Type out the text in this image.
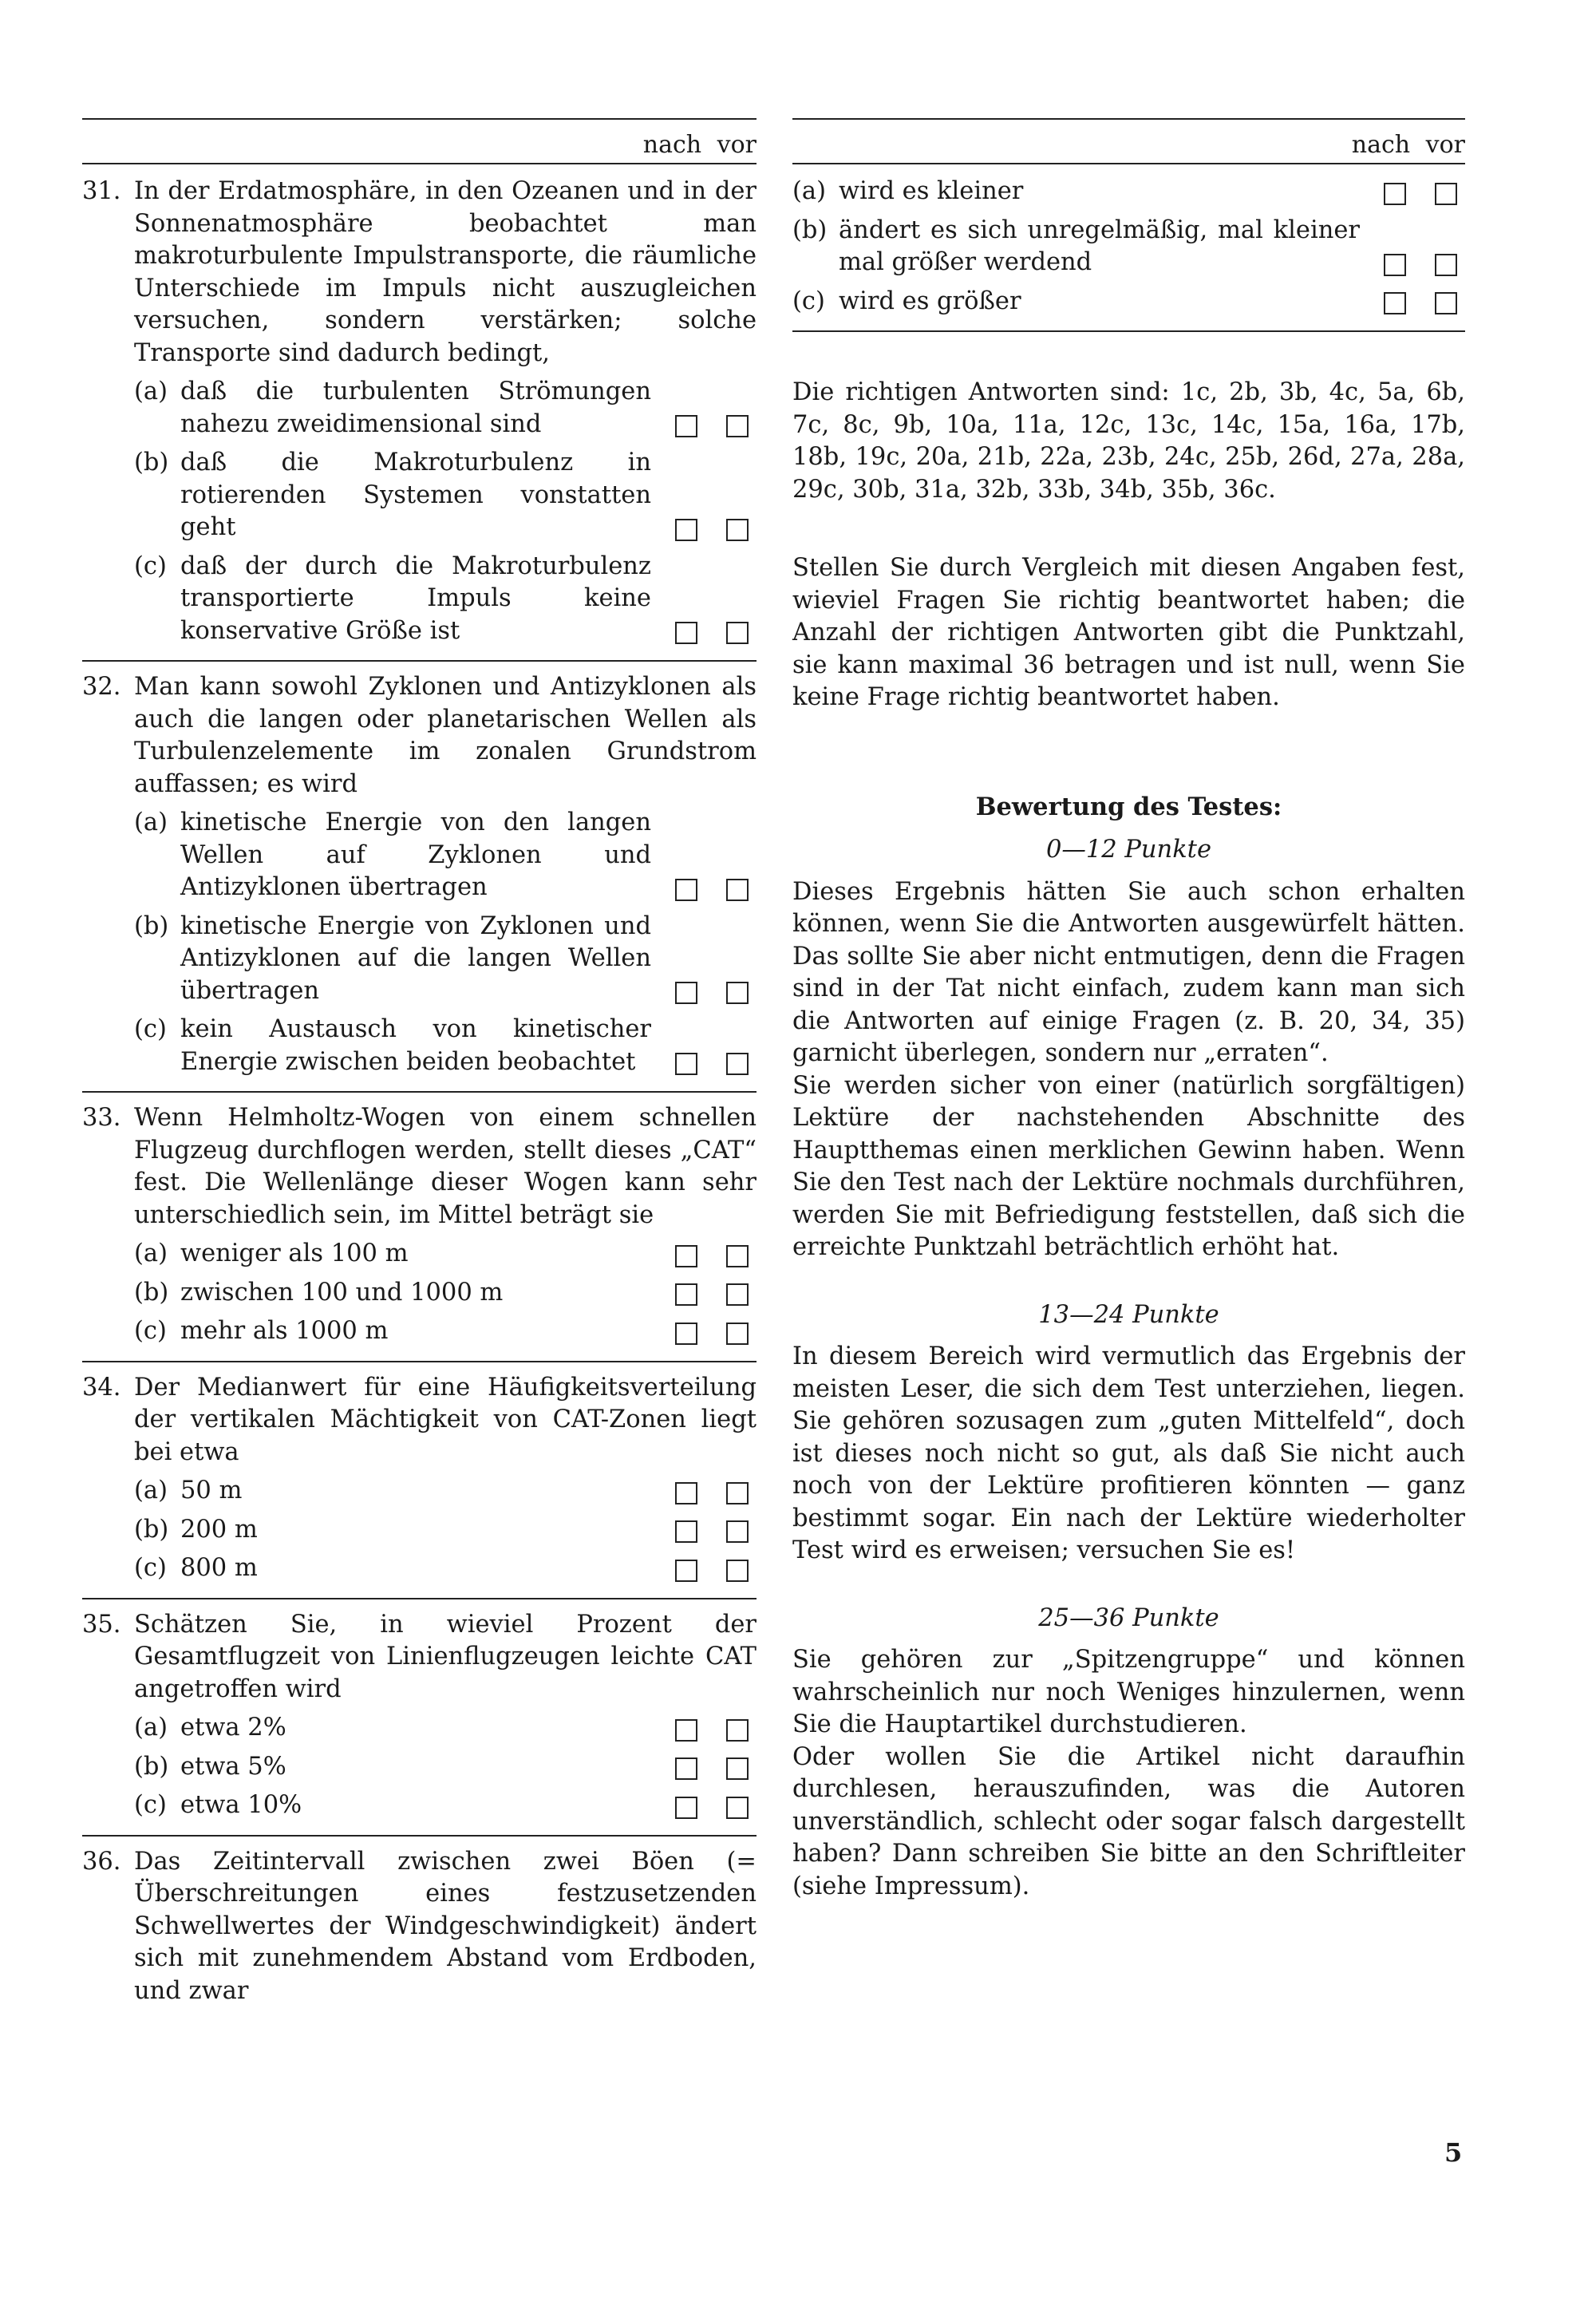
nach vor
31. In der Erdatmosphäre, in den Ozeanen und in der Sonnenatmosphäre beobachtet man makroturbulente Impulstransporte, die räumliche Unterschiede im Impuls nicht auszugleichen versuchen, sondern verstärken; solche Transporte sind dadurch bedingt,
(a) daß die turbulenten Strömungen nahezu zweidimensional sind
(b) daß die Makroturbulenz in rotierenden Systemen vonstatten geht
(c) daß der durch die Makroturbulenz transportierte Impuls keine konservative Größe ist
32. Man kann sowohl Zyklonen und Antizyklonen als auch die langen oder planetarischen Wellen als Turbulenzelemente im zonalen Grundstrom auffassen; es wird
(a) kinetische Energie von den langen Wellen auf Zyklonen und Antizyklonen übertragen
(b) kinetische Energie von Zyklonen und Antizyklonen auf die langen Wellen übertragen
(c) kein Austausch von kinetischer Energie zwischen beiden beobachtet
33. Wenn Helmholtz-Wogen von einem schnellen Flugzeug durchflogen werden, stellt dieses „CAT“ fest. Die Wellenlänge dieser Wogen kann sehr unterschiedlich sein, im Mittel beträgt sie
(a) weniger als 100 m
(b) zwischen 100 und 1000 m
(c) mehr als 1000 m
34. Der Medianwert für eine Häufigkeitsverteilung der vertikalen Mächtigkeit von CAT-Zonen liegt bei etwa
(a) 50 m
(b) 200 m
(c) 800 m
35. Schätzen Sie, in wieviel Prozent der Gesamtflugzeit von Linienflugzeugen leichte CAT angetroffen wird
(a) etwa 2%
(b) etwa 5%
(c) etwa 10%
36. Das Zeitintervall zwischen zwei Böen (= Überschreitungen eines festzusetzenden Schwellwertes der Windgeschwindigkeit) ändert sich mit zunehmendem Abstand vom Erdboden, und zwar
nach vor
(a) wird es kleiner
(b) ändert es sich unregelmäßig, mal kleiner mal größer werdend
(c) wird es größer
Die richtigen Antworten sind: 1c, 2b, 3b, 4c, 5a, 6b, 7c, 8c, 9b, 10a, 11a, 12c, 13c, 14c, 15a, 16a, 17b, 18b, 19c, 20a, 21b, 22a, 23b, 24c, 25b, 26d, 27a, 28a, 29c, 30b, 31a, 32b, 33b, 34b, 35b, 36c.
Stellen Sie durch Vergleich mit diesen Angaben fest, wieviel Fragen Sie richtig beantwortet haben; die Anzahl der richtigen Antworten gibt die Punktzahl, sie kann maximal 36 betragen und ist null, wenn Sie keine Frage richtig beantwortet haben.
Bewertung des Testes:
0—12 Punkte
Dieses Ergebnis hätten Sie auch schon erhalten können, wenn Sie die Antworten ausgewürfelt hätten. Das sollte Sie aber nicht entmutigen, denn die Fragen sind in der Tat nicht einfach, zudem kann man sich die Antworten auf einige Fragen (z. B. 20, 34, 35) garnicht überlegen, sondern nur „erraten“.
Sie werden sicher von einer (natürlich sorgfältigen) Lektüre der nachstehenden Abschnitte des Hauptthemas einen merklichen Gewinn haben. Wenn Sie den Test nach der Lektüre nochmals durchführen, werden Sie mit Befriedigung feststellen, daß sich die erreichte Punktzahl beträchtlich erhöht hat.
13—24 Punkte
In diesem Bereich wird vermutlich das Ergebnis der meisten Leser, die sich dem Test unterziehen, liegen. Sie gehören sozusagen zum „guten Mittelfeld“, doch ist dieses noch nicht so gut, als daß Sie nicht auch noch von der Lektüre profitieren könnten — ganz bestimmt sogar. Ein nach der Lektüre wiederholter Test wird es erweisen; versuchen Sie es!
25—36 Punkte
Sie gehören zur „Spitzengruppe“ und können wahrscheinlich nur noch Weniges hinzulernen, wenn Sie die Hauptartikel durchstudieren.
Oder wollen Sie die Artikel nicht daraufhin durchlesen, herauszufinden, was die Autoren unverständlich, schlecht oder sogar falsch dargestellt haben? Dann schreiben Sie bitte an den Schriftleiter (siehe Impressum).
5
